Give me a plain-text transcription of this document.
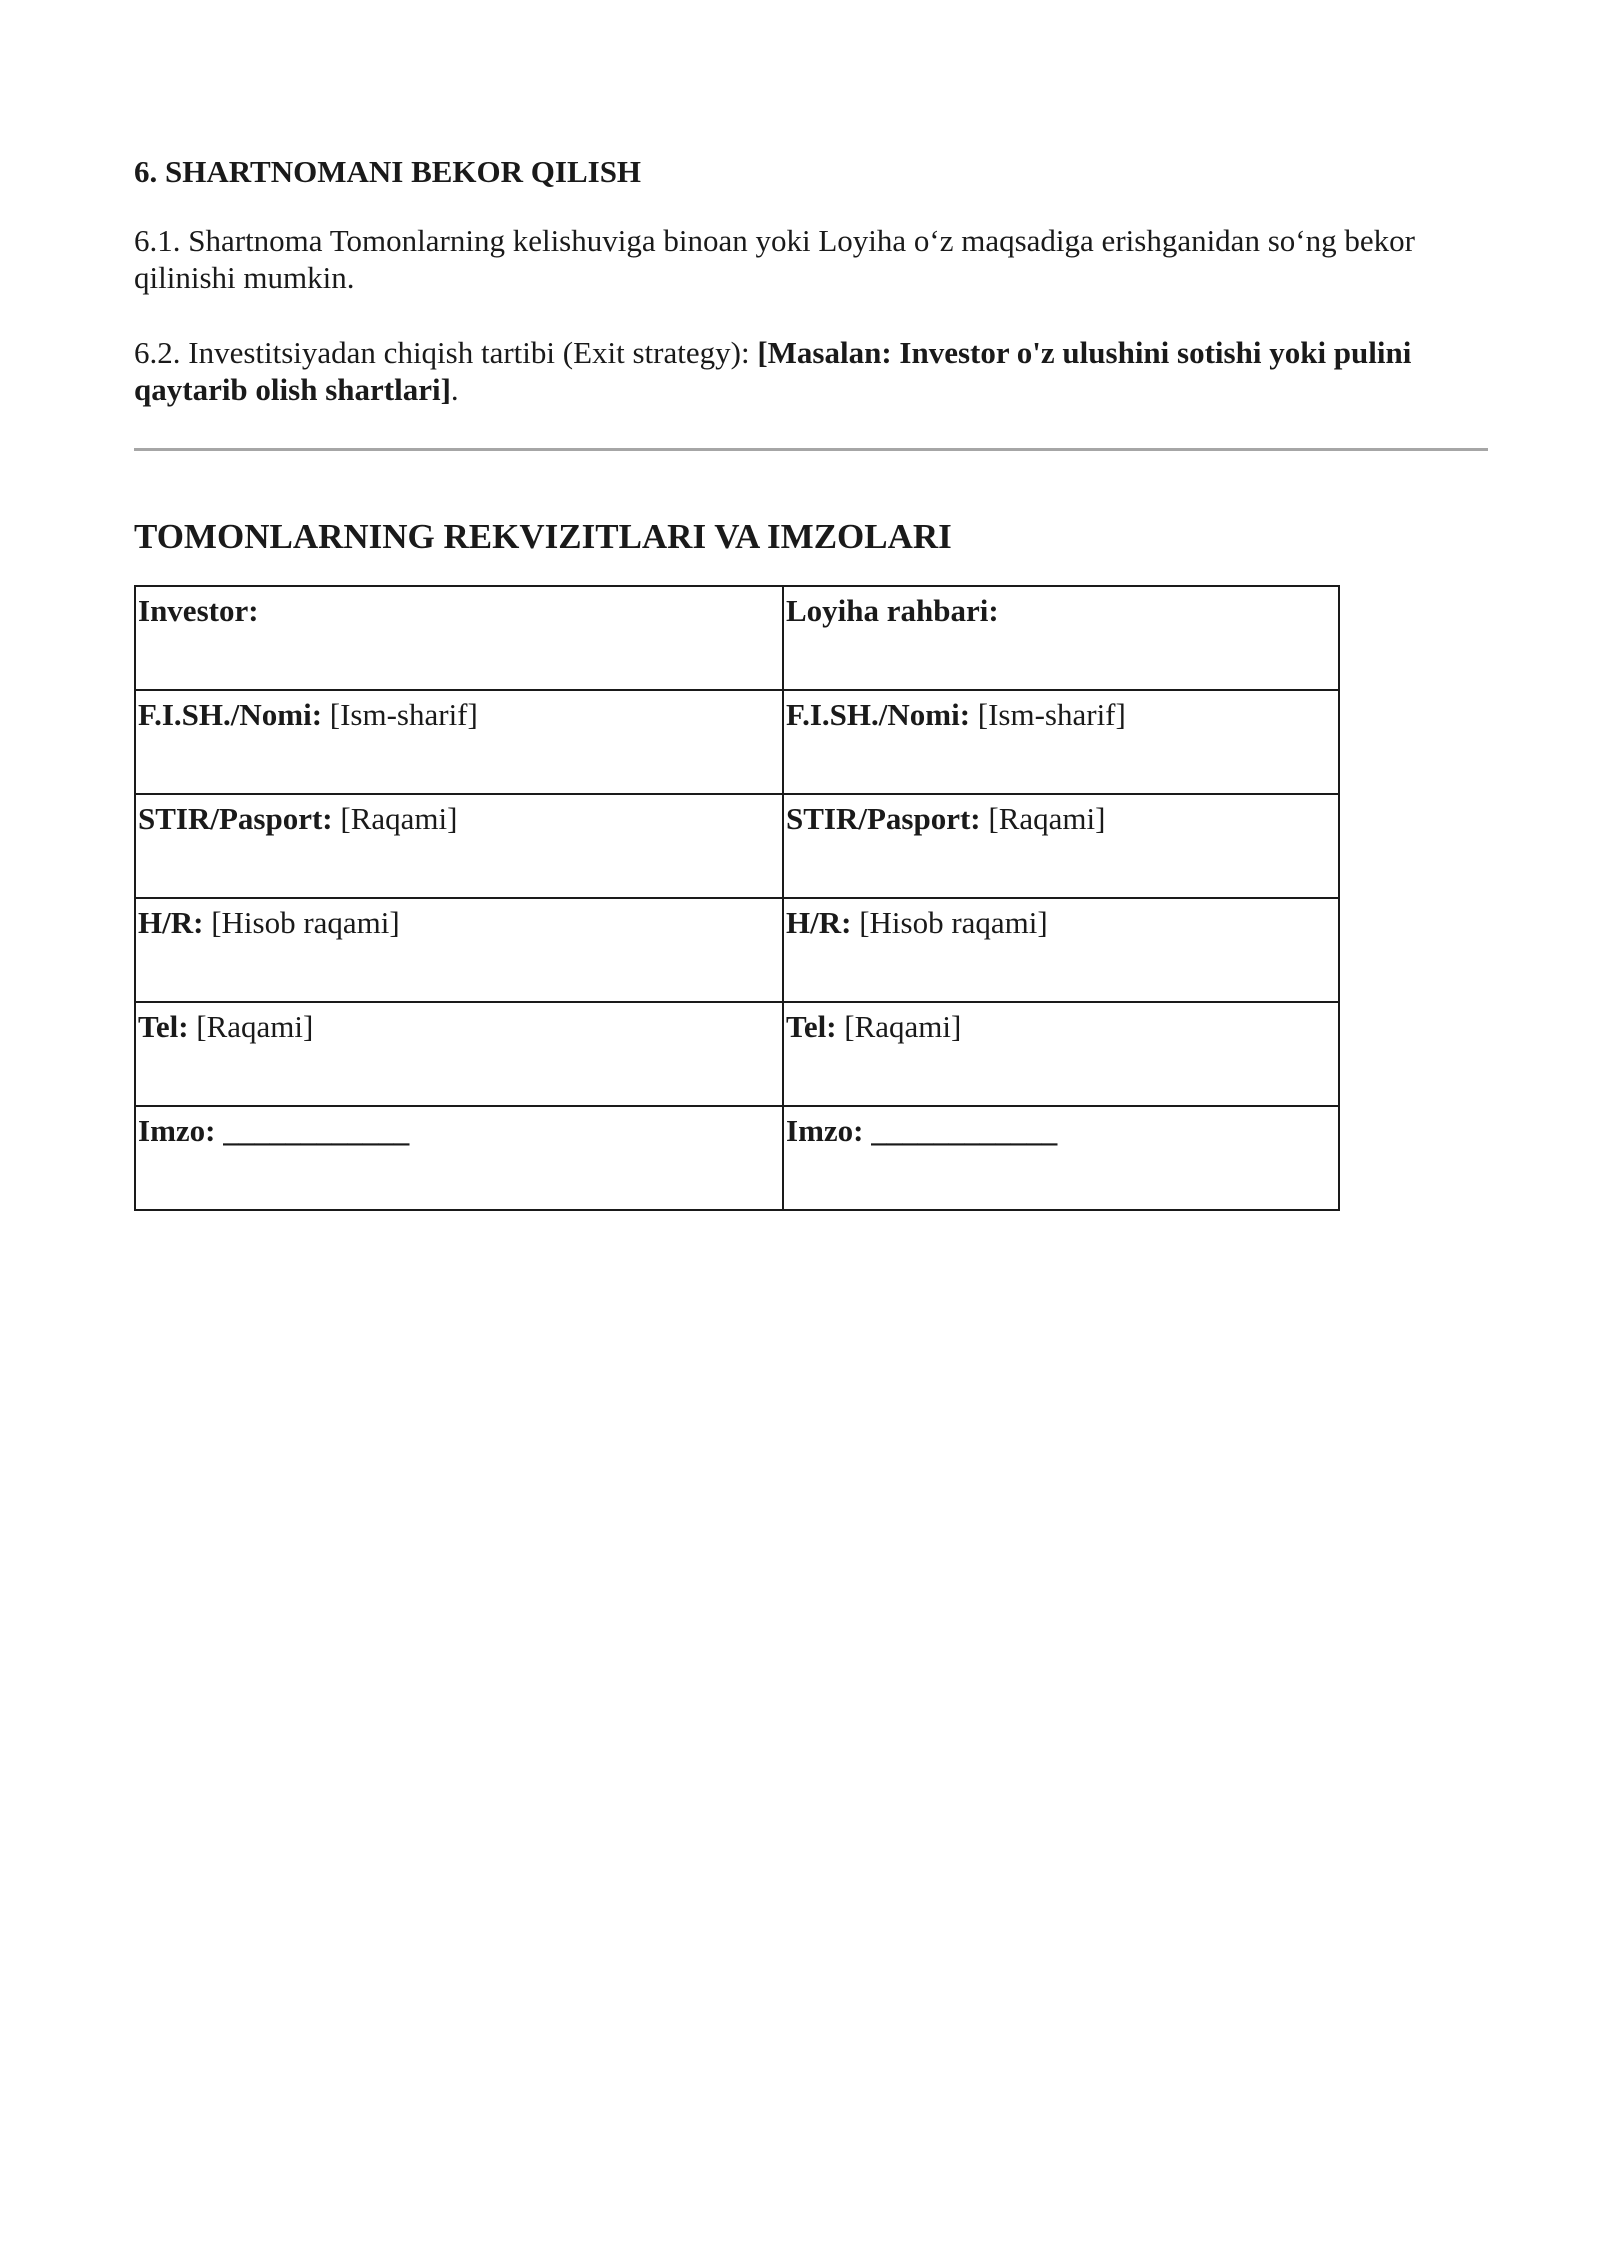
6. SHARTNOMANI BEKOR QILISH

6.1. Shartnoma Tomonlarning kelishuviga binoan yoki Loyiha o‘z maqsadiga erishganidan so‘ng bekor qilinishi mumkin.

6.2. Investitsiyadan chiqish tartibi (Exit strategy): [Masalan: Investor o'z ulushini sotishi yoki pulini qaytarib olish shartlari].

TOMONLARNING REKVIZITLARI VA IMZOLARI
Investor:	Loyiha rahbari:
F.I.SH./Nomi: [Ism-sharif]	F.I.SH./Nomi: [Ism-sharif]
STIR/Pasport: [Raqami]	STIR/Pasport: [Raqami]
H/R: [Hisob raqami]	H/R: [Hisob raqami]
Tel: [Raqami]	Tel: [Raqami]
Imzo: ____________	Imzo: ____________
